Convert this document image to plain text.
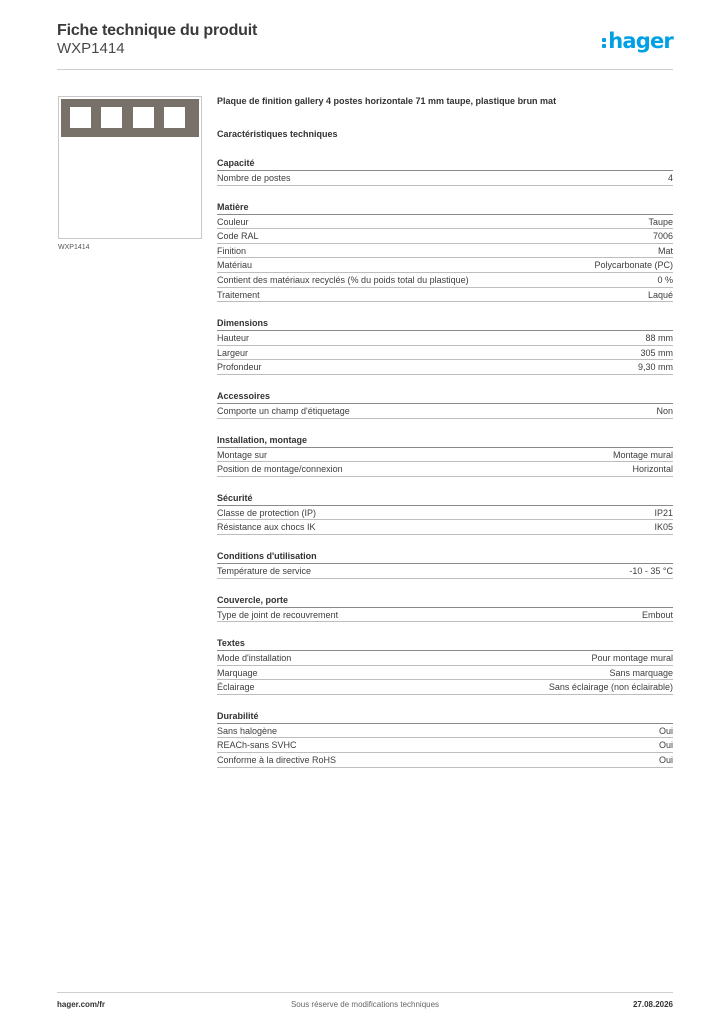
Fiche technique du produit
WXP1414	hager
WXP1414
Plaque de finition gallery 4 postes horizontale 71 mm taupe, plastique brun mat
Caractéristiques techniques
Capacité
Nombre de postes	4
Matière
Couleur	Taupe
Code RAL	7006
Finition	Mat
Matériau	Polycarbonate (PC)
Contient des matériaux recyclés (% du poids total du plastique)	0 %
Traitement	Laqué
Dimensions
Hauteur	88 mm
Largeur	305 mm
Profondeur	9,30 mm
Accessoires
Comporte un champ d'étiquetage	Non
Installation, montage
Montage sur	Montage mural
Position de montage/connexion	Horizontal
Sécurité
Classe de protection (IP)	IP21
Résistance aux chocs IK	IK05
Conditions d'utilisation
Température de service	-10 - 35 °C
Couvercle, porte
Type de joint de recouvrement	Embout
Textes
Mode d'installation	Pour montage mural
Marquage	Sans marquage
Éclairage	Sans éclairage (non éclairable)
Durabilité
Sans halogène	Oui
REACh-sans SVHC	Oui
Conforme à la directive RoHS	Oui
hager.com/fr	Sous réserve de modifications techniques	27.08.2026
